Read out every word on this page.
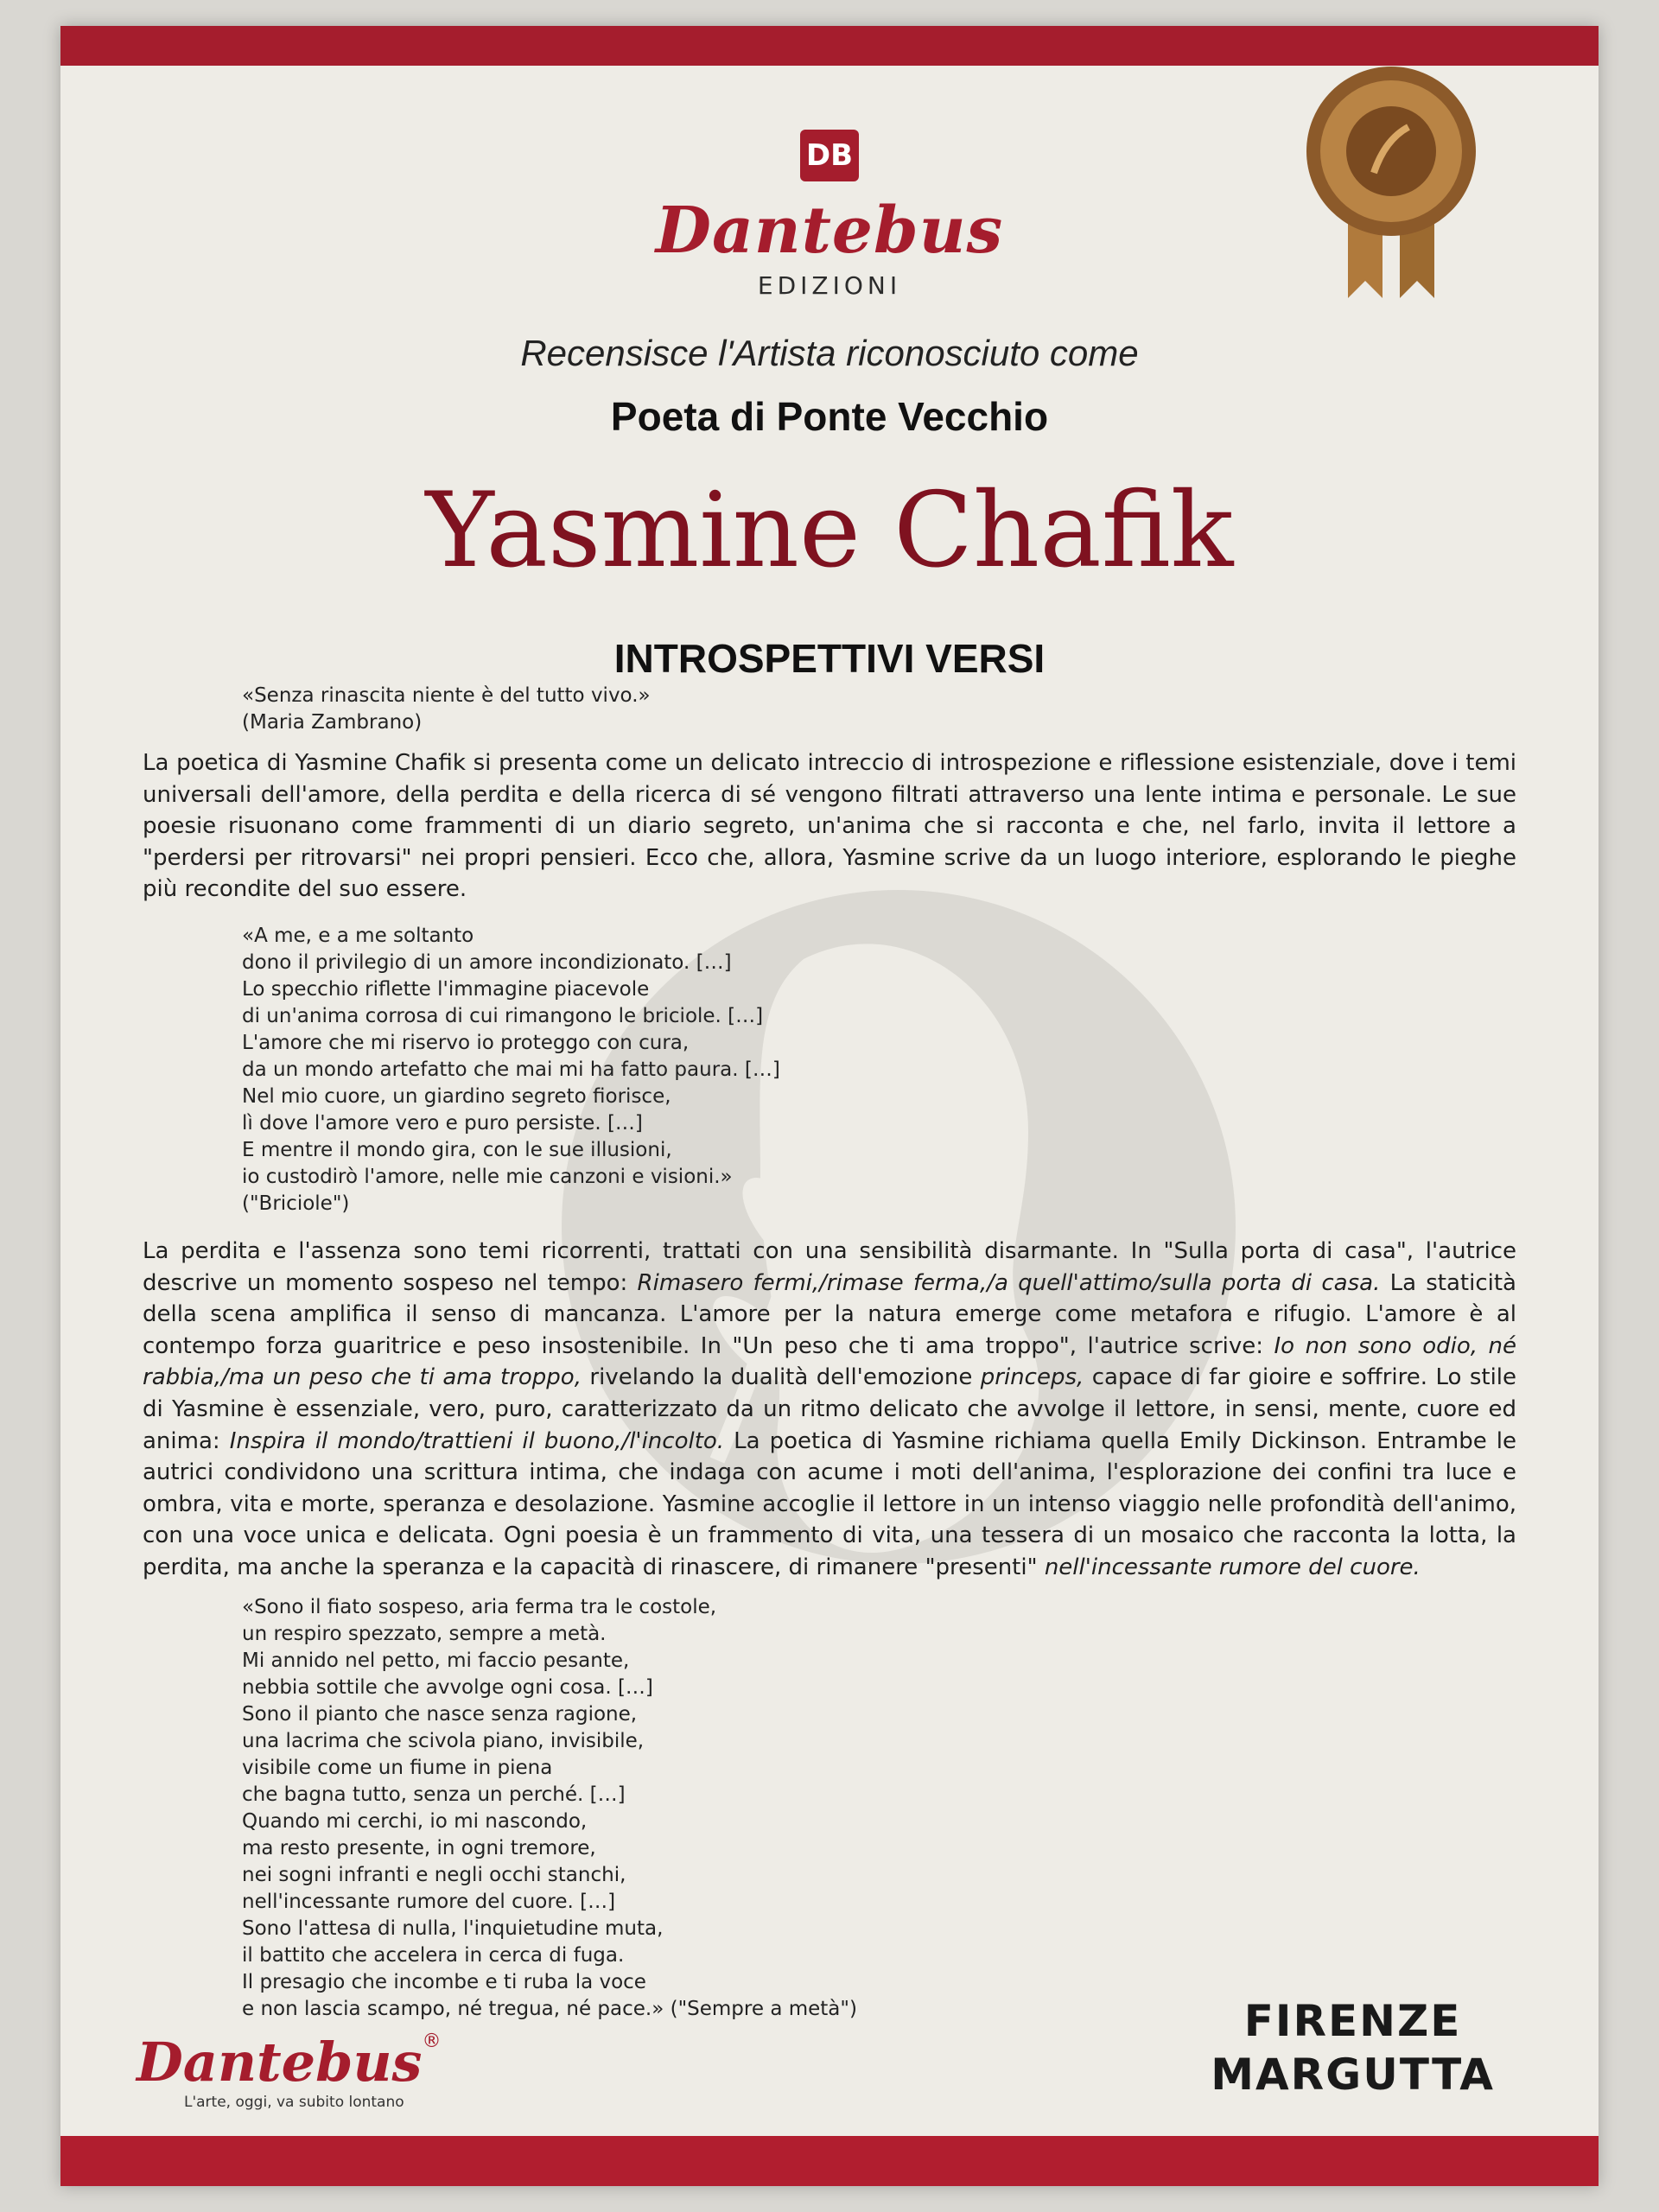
DB
Dantebus
EDIZIONI
Recensisce l'Artista riconosciuto come
Poeta di Ponte Vecchio
Yasmine Chafik
INTROSPETTIVI VERSI
«Senza rinascita niente è del tutto vivo.»
(Maria Zambrano)
La poetica di Yasmine Chafik si presenta come un delicato intreccio di introspezione e riflessione esistenziale, dove i temi universali dell'amore, della perdita e della ricerca di sé vengono filtrati attraverso una lente intima e personale. Le sue poesie risuonano come frammenti di un diario segreto, un'anima che si racconta e che, nel farlo, invita il lettore a "perdersi per ritrovarsi" nei propri pensieri. Ecco che, allora, Yasmine scrive da un luogo interiore, esplorando le pieghe più recondite del suo essere.
«A me, e a me soltanto
dono il privilegio di un amore incondizionato. […]
Lo specchio riflette l'immagine piacevole
di un'anima corrosa di cui rimangono le briciole. […]
L'amore che mi riservo io proteggo con cura,
da un mondo artefatto che mai mi ha fatto paura. […]
Nel mio cuore, un giardino segreto fiorisce,
lì dove l'amore vero e puro persiste. […]
E mentre il mondo gira, con le sue illusioni,
io custodirò l'amore, nelle mie canzoni e visioni.»
("Briciole")
La perdita e l'assenza sono temi ricorrenti, trattati con una sensibilità disarmante. In "Sulla porta di casa", l'autrice descrive un momento sospeso nel tempo: Rimasero fermi,/rimase ferma,/a quell'attimo/sulla porta di casa. La staticità della scena amplifica il senso di mancanza. L'amore per la natura emerge come metafora e rifugio. L'amore è al contempo forza guaritrice e peso insostenibile. In "Un peso che ti ama troppo", l'autrice scrive: Io non sono odio, né rabbia,/ma un peso che ti ama troppo, rivelando la dualità dell'emozione princeps, capace di far gioire e soffrire. Lo stile di Yasmine è essenziale, vero, puro, caratterizzato da un ritmo delicato che avvolge il lettore, in sensi, mente, cuore ed anima: Inspira il mondo/trattieni il buono,/l'incolto. La poetica di Yasmine richiama quella Emily Dickinson. Entrambe le autrici condividono una scrittura intima, che indaga con acume i moti dell'anima, l'esplorazione dei confini tra luce e ombra, vita e morte, speranza e desolazione. Yasmine accoglie il lettore in un intenso viaggio nelle profondità dell'animo, con una voce unica e delicata. Ogni poesia è un frammento di vita, una tessera di un mosaico che racconta la lotta, la perdita, ma anche la speranza e la capacità di rinascere, di rimanere "presenti" nell'incessante rumore del cuore.
«Sono il fiato sospeso, aria ferma tra le costole,
un respiro spezzato, sempre a metà.
Mi annido nel petto, mi faccio pesante,
nebbia sottile che avvolge ogni cosa. […]
Sono il pianto che nasce senza ragione,
una lacrima che scivola piano, invisibile,
visibile come un fiume in piena
che bagna tutto, senza un perché. […]
Quando mi cerchi, io mi nascondo,
ma resto presente, in ogni tremore,
nei sogni infranti e negli occhi stanchi,
nell'incessante rumore del cuore. […]
Sono l'attesa di nulla, l'inquietudine muta,
il battito che accelera in cerca di fuga.
Il presagio che incombe e ti ruba la voce
e non lascia scampo, né tregua, né pace.» ("Sempre a metà")
Dantebus®
L'arte, oggi, va subito lontano
FIRENZE
MARGUTTA
